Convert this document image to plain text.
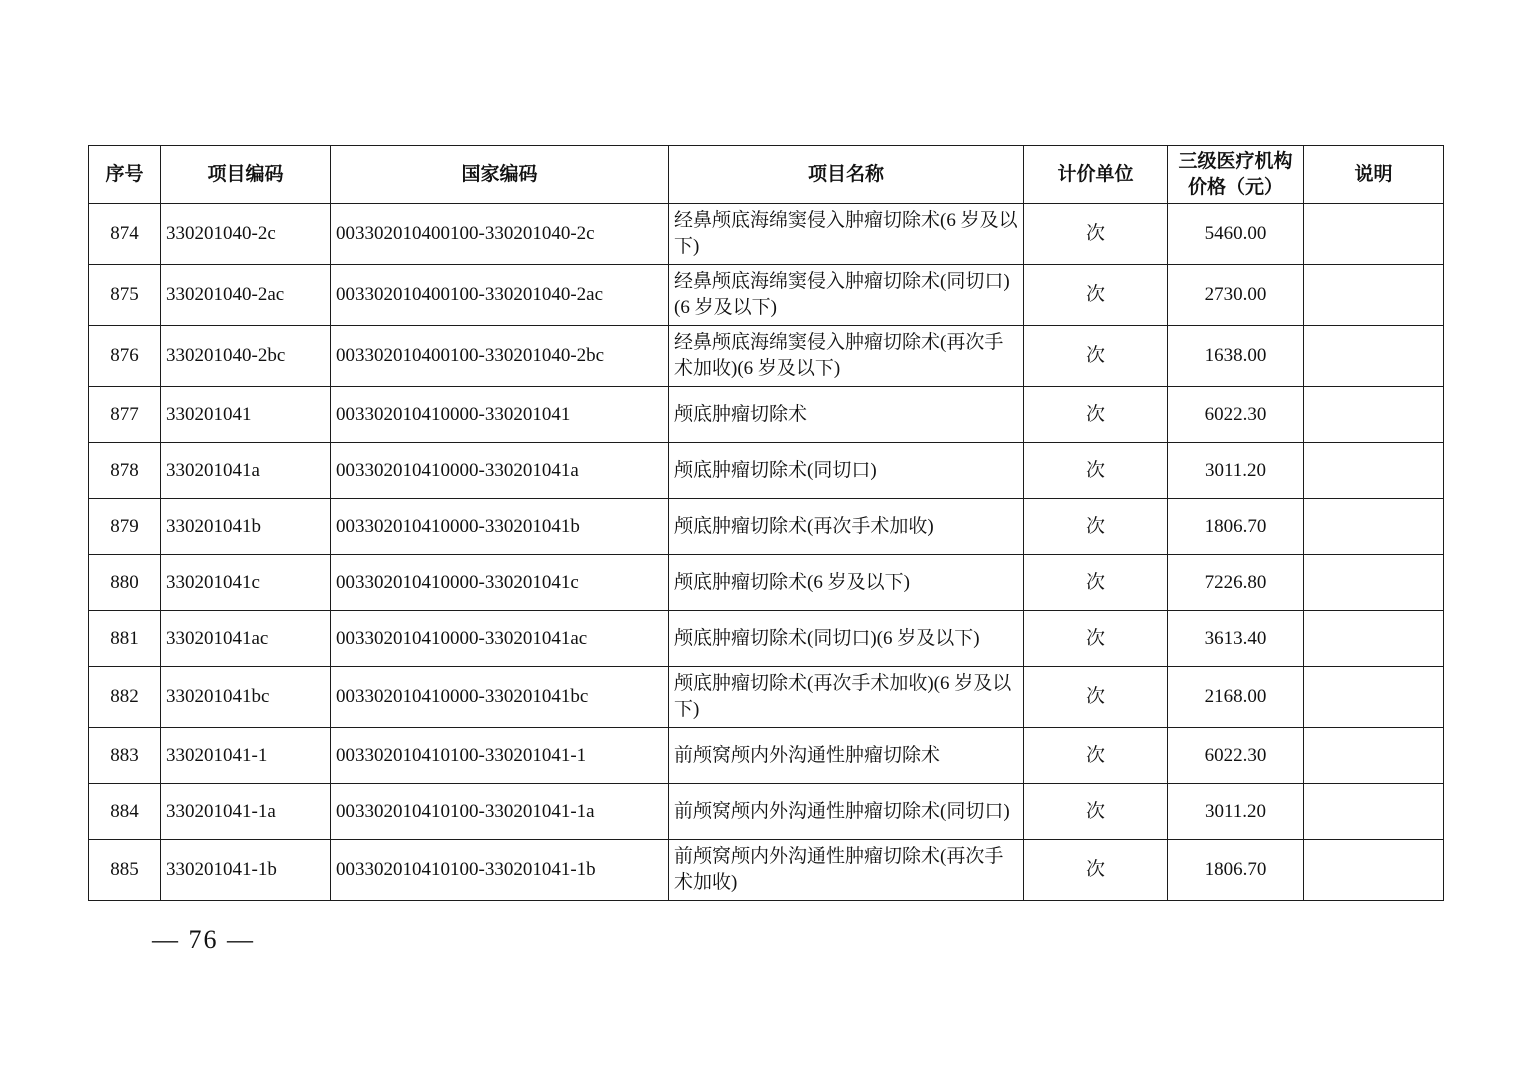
序号	项目编码	国家编码	项目名称	计价单位	三级医疗机构价格（元）	说明
874	330201040-2c	003302010400100-330201040-2c	经鼻颅底海绵窦侵入肿瘤切除术(6 岁及以下)	次	5460.00	
875	330201040-2ac	003302010400100-330201040-2ac	经鼻颅底海绵窦侵入肿瘤切除术(同切口)(6 岁及以下)	次	2730.00	
876	330201040-2bc	003302010400100-330201040-2bc	经鼻颅底海绵窦侵入肿瘤切除术(再次手术加收)(6 岁及以下)	次	1638.00	
877	330201041	003302010410000-330201041	颅底肿瘤切除术	次	6022.30	
878	330201041a	003302010410000-330201041a	颅底肿瘤切除术(同切口)	次	3011.20	
879	330201041b	003302010410000-330201041b	颅底肿瘤切除术(再次手术加收)	次	1806.70	
880	330201041c	003302010410000-330201041c	颅底肿瘤切除术(6 岁及以下)	次	7226.80	
881	330201041ac	003302010410000-330201041ac	颅底肿瘤切除术(同切口)(6 岁及以下)	次	3613.40	
882	330201041bc	003302010410000-330201041bc	颅底肿瘤切除术(再次手术加收)(6 岁及以下)	次	2168.00	
883	330201041-1	003302010410100-330201041-1	前颅窝颅内外沟通性肿瘤切除术	次	6022.30	
884	330201041-1a	003302010410100-330201041-1a	前颅窝颅内外沟通性肿瘤切除术(同切口)	次	3011.20	
885	330201041-1b	003302010410100-330201041-1b	前颅窝颅内外沟通性肿瘤切除术(再次手术加收)	次	1806.70	
— 76 —
